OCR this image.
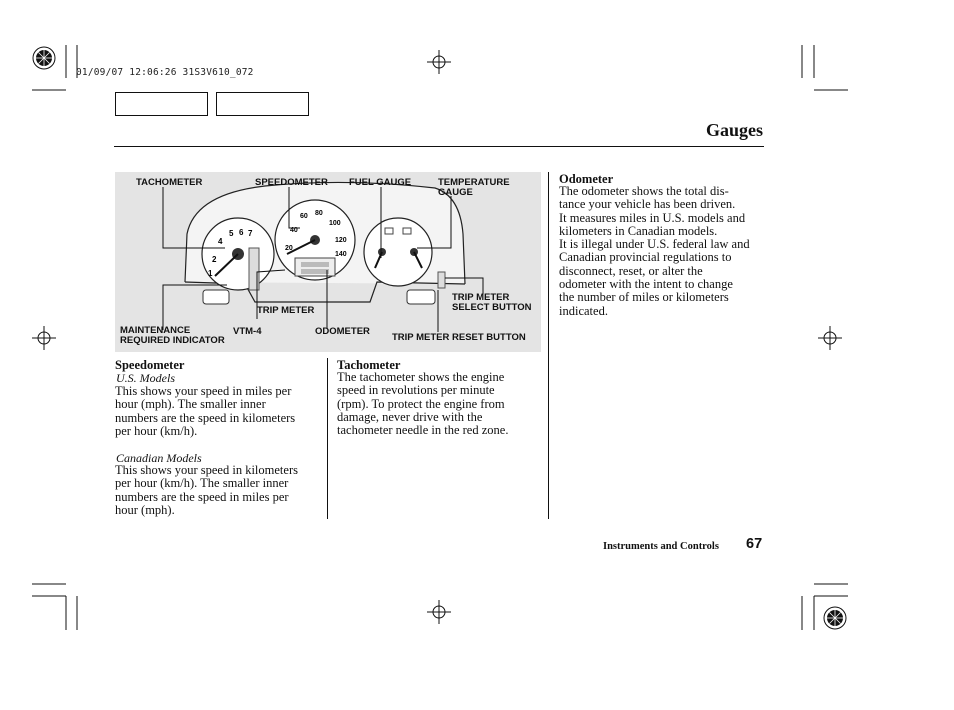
01/09/07 12:06:26 31S3V610_072
Gauges
2
4
5 6 7
1
20
40
60 80
100
120
140
TACHOMETER	SPEEDOMETER FUEL GAUGE	TEMPERATURE
GAUGE
TRIP METER
SELECT BUTTON
TRIP METER
MAINTENANCE
REQUIRED INDICATOR
VTM-4	ODOMETER
TRIP METER RESET BUTTON
Speedometer
U.S. Models
This shows your speed in miles per
hour (mph). The smaller inner
numbers are the speed in kilometers
per hour (km/h).
Canadian Models
This shows your speed in kilometers
per hour (km/h). The smaller inner
numbers are the speed in miles per
hour (mph).
Tachometer
The tachometer shows the engine
speed in revolutions per minute
(rpm). To protect the engine from
damage, never drive with the
tachometer needle in the red zone.
Odometer
The odometer shows the total dis-
tance your vehicle has been driven.
It measures miles in U.S. models and
kilometers in Canadian models.
It is illegal under U.S. federal law and
Canadian provincial regulations to
disconnect, reset, or alter the
odometer with the intent to change
the number of miles or kilometers
indicated.
Instruments and Controls 67
